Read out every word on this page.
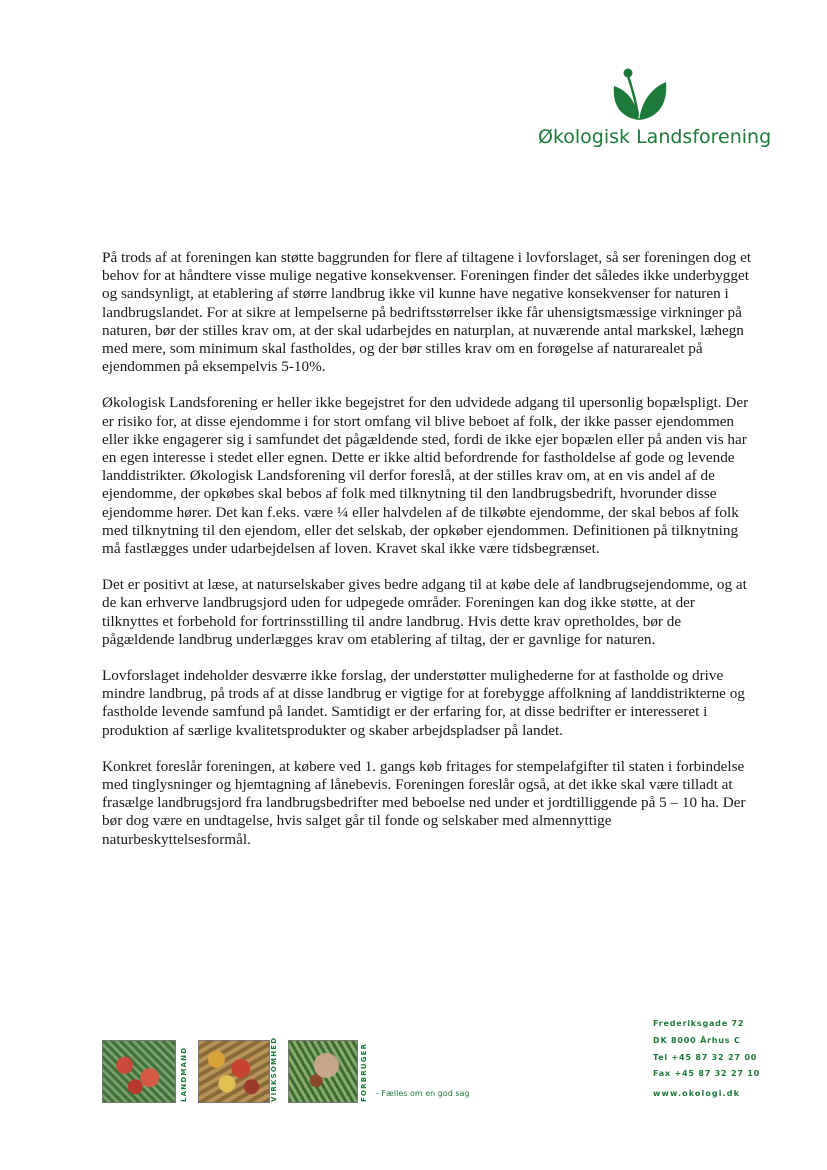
Økologisk Landsforening

På trods af at foreningen kan støtte baggrunden for flere af tiltagene i lovforslaget, så ser foreningen dog et behov for at håndtere visse mulige negative konsekvenser. Foreningen finder det således ikke underbygget og sandsynligt, at etablering af større landbrug ikke vil kunne have negative konsekvenser for naturen i landbrugslandet. For at sikre at lempelserne på bedriftsstørrelser ikke får uhensigtsmæssige virkninger på naturen, bør der stilles krav om, at der skal udarbejdes en naturplan, at nuværende antal markskel, læhegn med mere, som minimum skal fastholdes, og der bør stilles krav om en forøgelse af naturarealet på ejendommen på eksempelvis 5-10%.

Økologisk Landsforening er heller ikke begejstret for den udvidede adgang til upersonlig bopælspligt. Der er risiko for, at disse ejendomme i for stort omfang vil blive beboet af folk, der ikke passer ejendommen eller ikke engagerer sig i samfundet det pågældende sted, fordi de ikke ejer bopælen eller på anden vis har en egen interesse i stedet eller egnen. Dette er ikke altid befordrende for fastholdelse af gode og levende landdistrikter. Økologisk Landsforening vil derfor foreslå, at der stilles krav om, at en vis andel af de ejendomme, der opkøbes skal bebos af folk med tilknytning til den landbrugsbedrift, hvorunder disse ejendomme hører. Det kan f.eks. være ¼ eller halvdelen af de tilkøbte ejendomme, der skal bebos af folk med tilknytning til den ejendom, eller det selskab, der opkøber ejendommen. Definitionen på tilknytning må fastlægges under udarbejdelsen af loven. Kravet skal ikke være tidsbegrænset.

Det er positivt at læse, at naturselskaber gives bedre adgang til at købe dele af landbrugsejendomme, og at de kan erhverve landbrugsjord uden for udpegede områder. Foreningen kan dog ikke støtte, at der tilknyttes et forbehold for fortrinsstilling til andre landbrug. Hvis dette krav opretholdes, bør de pågældende landbrug underlægges krav om etablering af tiltag, der er gavnlige for naturen.

Lovforslaget indeholder desværre ikke forslag, der understøtter mulighederne for at fastholde og drive mindre landbrug, på trods af at disse landbrug er vigtige for at forebygge affolkning af landdistrikterne og fastholde levende samfund på landet. Samtidigt er der erfaring for, at disse bedrifter er interesseret i produktion af særlige kvalitetsprodukter og skaber arbejdspladser på landet.

Konkret foreslår foreningen, at købere ved 1. gangs køb fritages for stempelafgifter til staten i forbindelse med tinglysninger og hjemtagning af lånebevis. Foreningen foreslår også, at det ikke skal være tilladt at frasælge landbrugsjord fra landbrugsbedrifter med beboelse ned under et jordtilliggende på 5 – 10 ha. Der bør dog være en undtagelse, hvis salget går til fonde og selskaber med almennyttige naturbeskyttelsesformål.

LANDMAND	VIRKSOMHED	FORBRUGER	- Fælles om en god sag
Frederiksgade 72
DK 8000 Århus C
Tel +45 87 32 27 00
Fax +45 87 32 27 10
www.okologi.dk
